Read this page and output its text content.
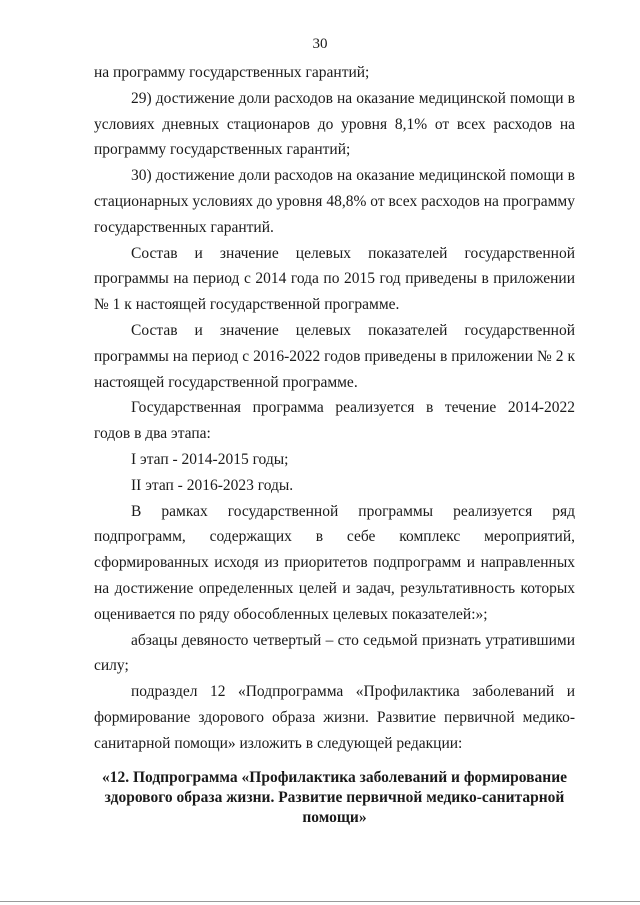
30

на программу государственных гарантий;

29) достижение доли расходов на оказание медицинской помощи в условиях дневных стационаров до уровня 8,1% от всех расходов на программу государственных гарантий;

30) достижение доли расходов на оказание медицинской помощи в стационарных условиях до уровня 48,8% от всех расходов на программу государственных гарантий.

Состав и значение целевых показателей государственной программы на период с 2014 года по 2015 год приведены в приложении № 1 к настоящей государственной программе.

Состав и значение целевых показателей государственной программы на период с 2016-2022 годов приведены в приложении № 2 к настоящей государственной программе.

Государственная программа реализуется в течение 2014-2022 годов в два этапа:

I этап - 2014-2015 годы;

II этап - 2016-2023 годы.

В рамках государственной программы реализуется ряд подпрограмм, содержащих в себе комплекс мероприятий, сформированных исходя из приоритетов подпрограмм и направленных на достижение определенных целей и задач, результативность которых оценивается по ряду обособленных целевых показателей:»;

абзацы девяносто четвертый – сто седьмой признать утратившими силу;

подраздел 12 «Подпрограмма «Профилактика заболеваний и формирование здорового образа жизни. Развитие первичной медико-санитарной помощи» изложить в следующей редакции:

«12. Подпрограмма «Профилактика заболеваний и формирование здорового образа жизни. Развитие первичной медико-санитарной помощи»
